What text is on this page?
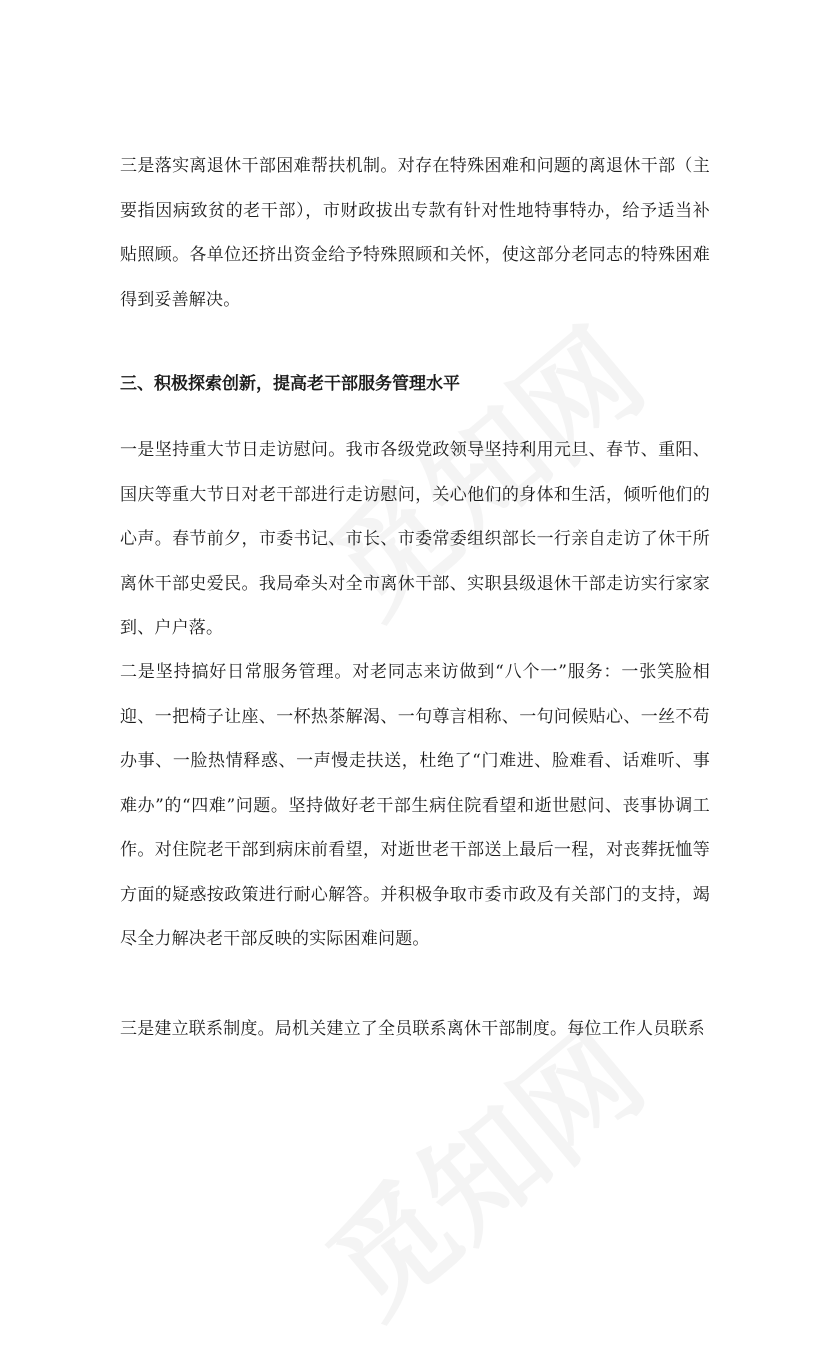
三是落实离退休干部困难帮扶机制。对存在特殊困难和问题的离退休干部（主要指因病致贫的老干部），市财政拔出专款有针对性地特事特办，给予适当补贴照顾。各单位还挤出资金给予特殊照顾和关怀，使这部分老同志的特殊困难得到妥善解决。

三、积极探索创新，提高老干部服务管理水平

一是坚持重大节日走访慰问。我市各级党政领导坚持利用元旦、春节、重阳、国庆等重大节日对老干部进行走访慰问，关心他们的身体和生活，倾听他们的心声。春节前夕，市委书记、市长、市委常委组织部长一行亲自走访了休干所离休干部史爱民。我局牵头对全市离休干部、实职县级退休干部走访实行家家到、户户落。

二是坚持搞好日常服务管理。对老同志来访做到“八个一”服务：一张笑脸相迎、一把椅子让座、一杯热茶解渴、一句尊言相称、一句问候贴心、一丝不苟办事、一脸热情释惑、一声慢走扶送，杜绝了“门难进、脸难看、话难听、事难办”的“四难”问题。坚持做好老干部生病住院看望和逝世慰问、丧事协调工作。对住院老干部到病床前看望，对逝世老干部送上最后一程，对丧葬抚恤等方面的疑惑按政策进行耐心解答。并积极争取市委市政及有关部门的支持，竭尽全力解决老干部反映的实际困难问题。

三是建立联系制度。局机关建立了全员联系离休干部制度。每位工作人员联系
